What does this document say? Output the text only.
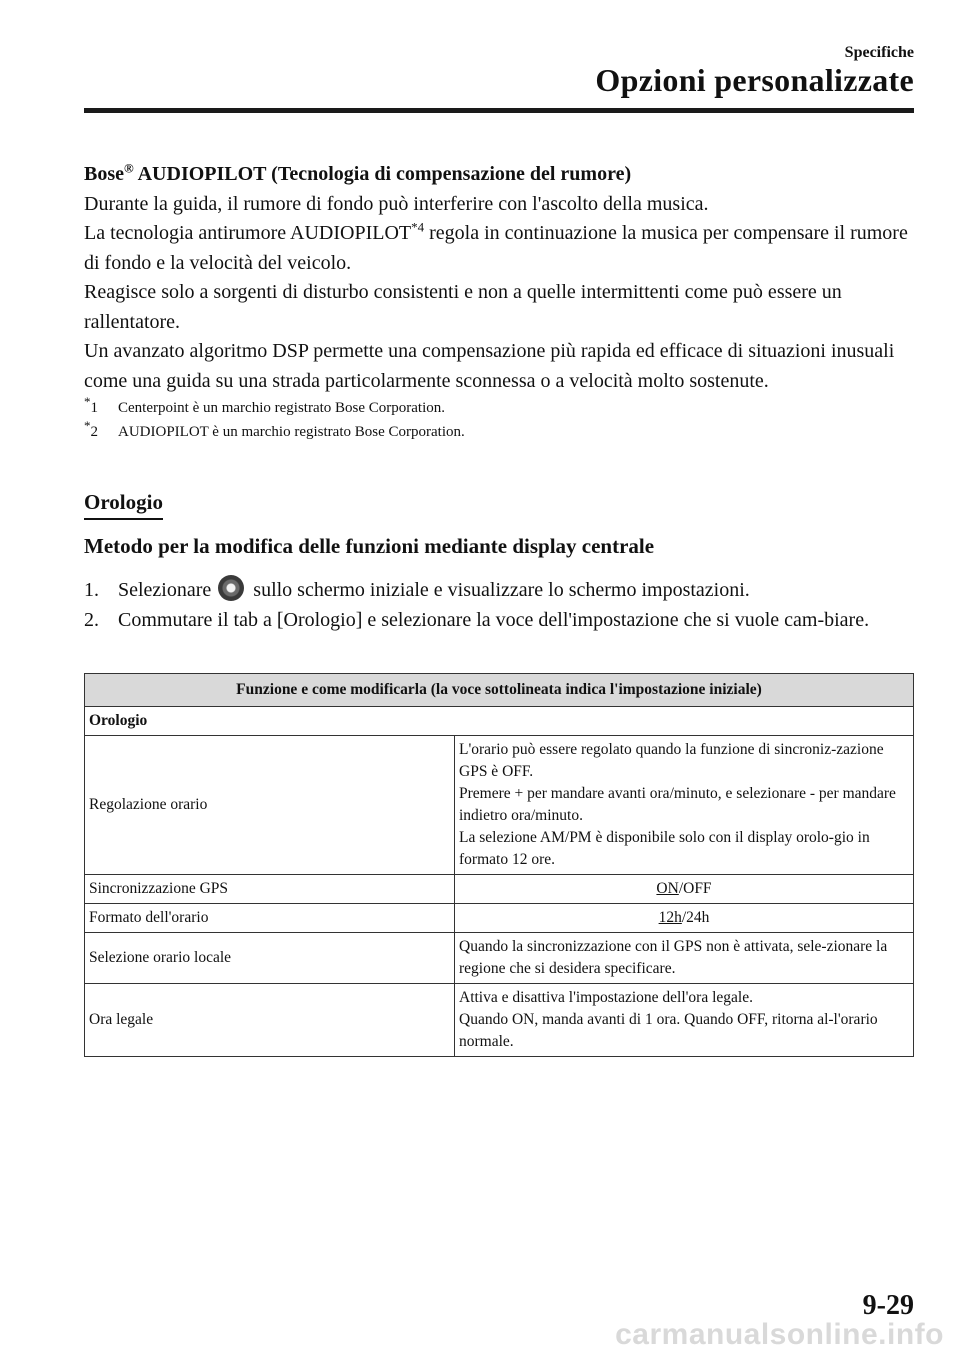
Specifiche
Opzioni personalizzate

Bose® AUDIOPILOT (Tecnologia di compensazione del rumore)

Durante la guida, il rumore di fondo può interferire con l'ascolto della musica.

La tecnologia antirumore AUDIOPILOT$^{*4}$ regola in continuazione la musica per compensare il rumore di fondo e la velocità del veicolo.

Reagisce solo a sorgenti di disturbo consistenti e non a quelle intermittenti come può essere un rallentatore.

Un avanzato algoritmo DSP permette una compensazione più rapida ed efficace di situazioni inusuali come una guida su una strada particolarmente sconnessa o a velocità molto sostenute.

*1	Centerpoint è un marchio registrato Bose Corporation.
*2	AUDIOPILOT è un marchio registrato Bose Corporation.
Orologio
Metodo per la modifica delle funzioni mediante display centrale
1. Selezionare sullo schermo iniziale e visualizzare lo schermo impostazioni.
2. Commutare il tab a [Orologio] e selezionare la voce dell'impostazione che si vuole cam-biare.
Funzione e come modificarla (la voce sottolineata indica l'impostazione iniziale)	
Orologio	
Regolazione orario	L'orario può essere regolato quando la funzione di sincroniz-zazione GPS è OFF.
Premere + per mandare avanti ora/minuto, e selezionare - per mandare indietro ora/minuto.
La selezione AM/PM è disponibile solo con il display orolo-gio in formato 12 ore.

Sincronizzazione GPS	ON/OFF
Formato dell'orario	12h/24h
Selezione orario locale	Quando la sincronizzazione con il GPS non è attivata, sele-zionare la regione che si desidera specificare.

Ora legale	Attiva e disattiva l'impostazione dell'ora legale.
Quando ON, manda avanti di 1 ora. Quando OFF, ritorna al-l'orario normale.
9-29
carmanualsonline.info
